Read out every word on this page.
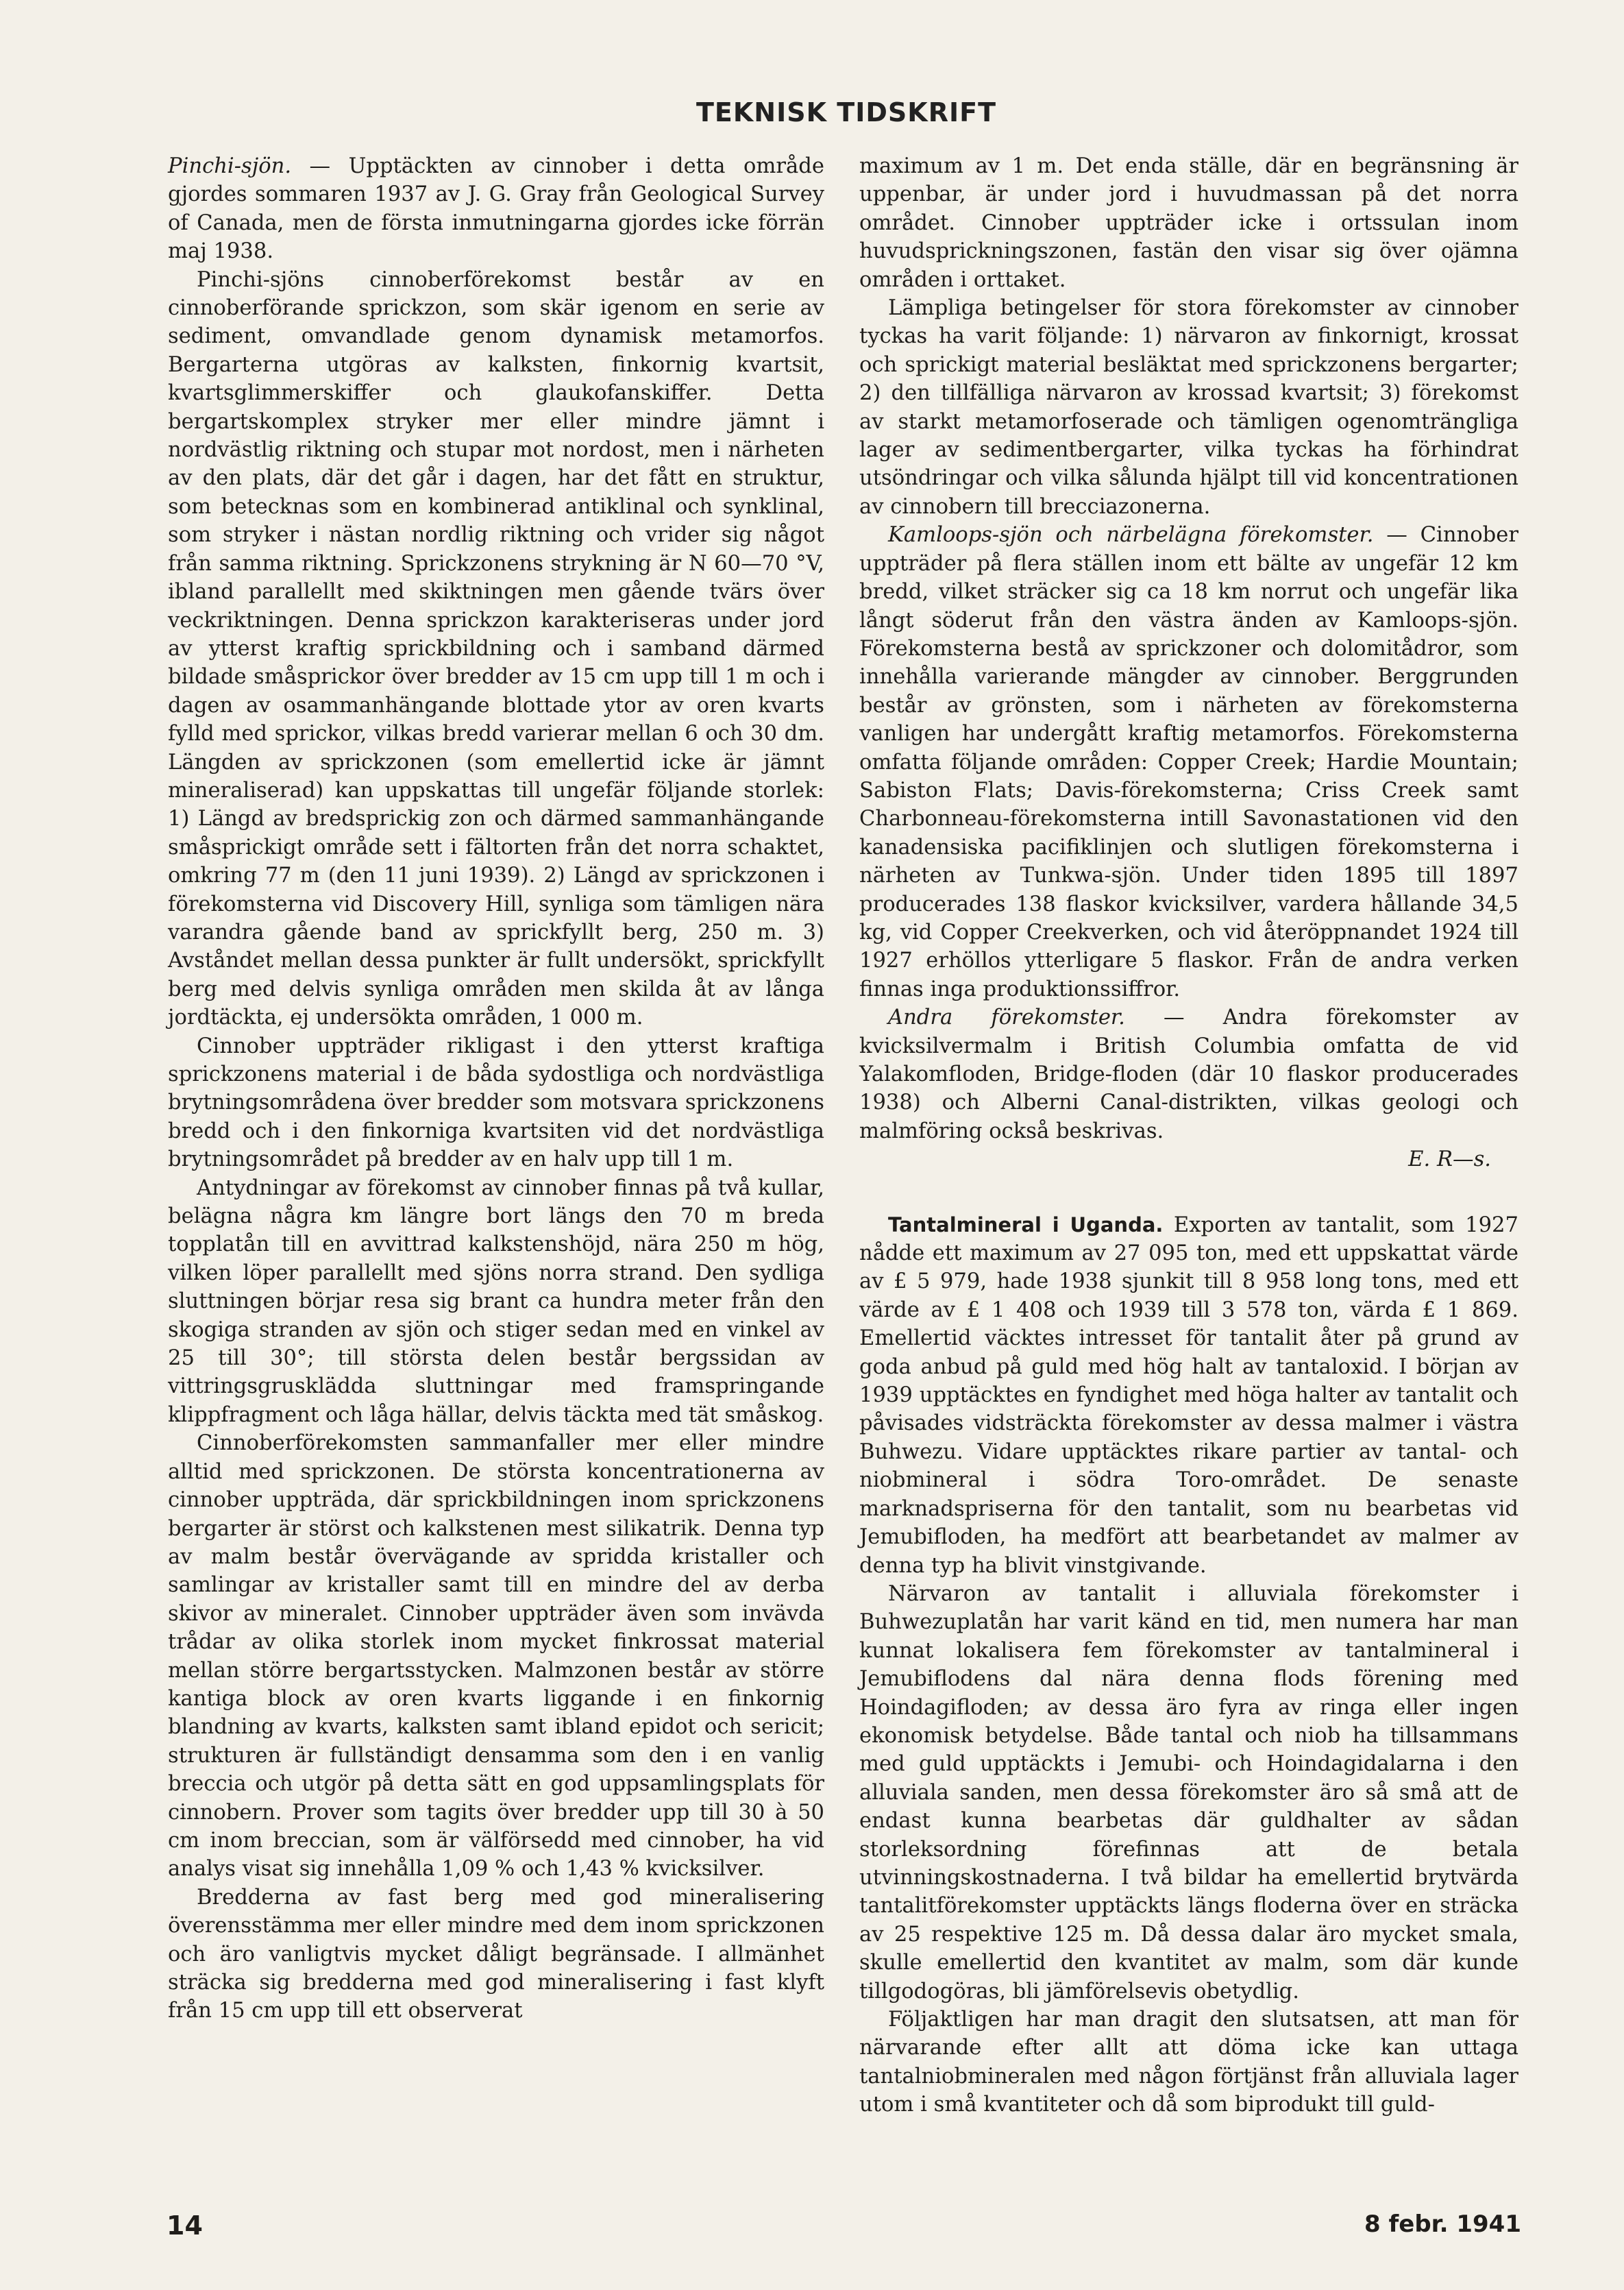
TEKNISK TIDSKRIFT

Pinchi-sjön. — Upptäckten av cinnober i detta område gjordes sommaren 1937 av J. G. Gray från Geological Survey of Canada, men de första inmutningarna gjordes icke förrän maj 1938.

Pinchi-sjöns cinnoberförekomst består av en cinnoberförande sprickzon, som skär igenom en serie av sediment, omvandlade genom dynamisk metamorfos. Bergarterna utgöras av kalksten, finkornig kvartsit, kvartsglimmerskiffer och glaukofanskiffer. Detta bergartskomplex stryker mer eller mindre jämnt i nordvästlig riktning och stupar mot nordost, men i närheten av den plats, där det går i dagen, har det fått en struktur, som betecknas som en kombinerad antiklinal och synklinal, som stryker i nästan nordlig riktning och vrider sig något från samma riktning. Sprickzonens strykning är N 60—70 °V, ibland parallellt med skiktningen men gående tvärs över veckriktningen. Denna sprickzon karakteriseras under jord av ytterst kraftig sprickbildning och i samband därmed bildade småsprickor över bredder av 15 cm upp till 1 m och i dagen av osammanhängande blottade ytor av oren kvarts fylld med sprickor, vilkas bredd varierar mellan 6 och 30 dm. Längden av sprickzonen (som emellertid icke är jämnt mineraliserad) kan uppskattas till ungefär följande storlek: 1) Längd av bredsprickig zon och därmed sammanhängande småsprickigt område sett i fältorten från det norra schaktet, omkring 77 m (den 11 juni 1939). 2) Längd av sprickzonen i förekomsterna vid Discovery Hill, synliga som tämligen nära varandra gående band av sprickfyllt berg, 250 m. 3) Avståndet mellan dessa punkter är fullt undersökt, sprickfyllt berg med delvis synliga områden men skilda åt av långa jordtäckta, ej undersökta områden, 1 000 m.

Cinnober uppträder rikligast i den ytterst kraftiga sprickzonens material i de båda sydostliga och nordvästliga brytningsområdena över bredder som motsvara sprickzonens bredd och i den finkorniga kvartsiten vid det nordvästliga brytningsområdet på bredder av en halv upp till 1 m.

Antydningar av förekomst av cinnober finnas på två kullar, belägna några km längre bort längs den 70 m breda topplatån till en avvittrad kalkstenshöjd, nära 250 m hög, vilken löper parallellt med sjöns norra strand. Den sydliga sluttningen börjar resa sig brant ca hundra meter från den skogiga stranden av sjön och stiger sedan med en vinkel av 25 till 30°; till största delen består bergssidan av vittringsgrusklädda sluttningar med framspringande klippfragment och låga hällar, delvis täckta med tät småskog.

Cinnoberförekomsten sammanfaller mer eller mindre alltid med sprickzonen. De största koncentrationerna av cinnober uppträda, där sprickbildningen inom sprickzonens bergarter är störst och kalkstenen mest silikatrik. Denna typ av malm består övervägande av spridda kristaller och samlingar av kristaller samt till en mindre del av derba skivor av mineralet. Cinnober uppträder även som invävda trådar av olika storlek inom mycket finkrossat material mellan större bergartsstycken. Malmzonen består av större kantiga block av oren kvarts liggande i en finkornig blandning av kvarts, kalksten samt ibland epidot och sericit; strukturen är fullständigt densamma som den i en vanlig breccia och utgör på detta sätt en god uppsamlingsplats för cinnobern. Prover som tagits över bredder upp till 30 à 50 cm inom breccian, som är välförsedd med cinnober, ha vid analys visat sig innehålla 1,09 % och 1,43 % kvicksilver.

Bredderna av fast berg med god mineralisering överensstämma mer eller mindre med dem inom sprickzonen och äro vanligtvis mycket dåligt begränsade. I allmänhet sträcka sig bredderna med god mineralisering i fast klyft från 15 cm upp till ett observerat

maximum av 1 m. Det enda ställe, där en begränsning är uppenbar, är under jord i huvudmassan på det norra området. Cinnober uppträder icke i ortssulan inom huvudsprickningszonen, fastän den visar sig över ojämna områden i orttaket.

Lämpliga betingelser för stora förekomster av cinnober tyckas ha varit följande: 1) närvaron av finkornigt, krossat och sprickigt material besläktat med sprickzonens bergarter; 2) den tillfälliga närvaron av krossad kvartsit; 3) förekomst av starkt metamorfoserade och tämligen ogenomträngliga lager av sedimentbergarter, vilka tyckas ha förhindrat utsöndringar och vilka sålunda hjälpt till vid koncentrationen av cinnobern till brecciazonerna.

Kamloops-sjön och närbelägna förekomster. — Cinnober uppträder på flera ställen inom ett bälte av ungefär 12 km bredd, vilket sträcker sig ca 18 km norrut och ungefär lika långt söderut från den västra änden av Kamloops-sjön. Förekomsterna bestå av sprickzoner och dolomitådror, som innehålla varierande mängder av cinnober. Berggrunden består av grönsten, som i närheten av förekomsterna vanligen har undergått kraftig metamorfos. Förekomsterna omfatta följande områden: Copper Creek; Hardie Mountain; Sabiston Flats; Davis-förekomsterna; Criss Creek samt Charbonneau-förekomsterna intill Savonastationen vid den kanadensiska pacifiklinjen och slutligen förekomsterna i närheten av Tunkwa-sjön. Under tiden 1895 till 1897 producerades 138 flaskor kvicksilver, vardera hållande 34,5 kg, vid Copper Creekverken, och vid återöppnandet 1924 till 1927 erhöllos ytterligare 5 flaskor. Från de andra verken finnas inga produktionssiffror.

Andra förekomster. — Andra förekomster av kvicksilvermalm i British Columbia omfatta de vid Yalakomfloden, Bridge-floden (där 10 flaskor producerades 1938) och Alberni Canal-distrikten, vilkas geologi och malmföring också beskrivas.

E. R—s.

Tantalmineral i Uganda. Exporten av tantalit, som 1927 nådde ett maximum av 27 095 ton, med ett uppskattat värde av £ 5 979, hade 1938 sjunkit till 8 958 long tons, med ett värde av £ 1 408 och 1939 till 3 578 ton, värda £ 1 869. Emellertid väcktes intresset för tantalit åter på grund av goda anbud på guld med hög halt av tantaloxid. I början av 1939 upptäcktes en fyndighet med höga halter av tantalit och påvisades vidsträckta förekomster av dessa malmer i västra Buhwezu. Vidare upptäcktes rikare partier av tantal- och niobmineral i södra Toro-området. De senaste marknadspriserna för den tantalit, som nu bearbetas vid Jemubifloden, ha medfört att bearbetandet av malmer av denna typ ha blivit vinstgivande.

Närvaron av tantalit i alluviala förekomster i Buhwezuplatån har varit känd en tid, men numera har man kunnat lokalisera fem förekomster av tantalmineral i Jemubiflodens dal nära denna flods förening med Hoindagifloden; av dessa äro fyra av ringa eller ingen ekonomisk betydelse. Både tantal och niob ha tillsammans med guld upptäckts i Jemubi- och Hoindagidalarna i den alluviala sanden, men dessa förekomster äro så små att de endast kunna bearbetas där guldhalter av sådan storleksordning förefinnas att de betala utvinningskostnaderna. I två bildar ha emellertid brytvärda tantalitförekomster upptäckts längs floderna över en sträcka av 25 respektive 125 m. Då dessa dalar äro mycket smala, skulle emellertid den kvantitet av malm, som där kunde tillgodogöras, bli jämförelsevis obetydlig.

Följaktligen har man dragit den slutsatsen, att man för närvarande efter allt att döma icke kan uttaga tantalniobmineralen med någon förtjänst från alluviala lager utom i små kvantiteter och då som biprodukt till guld-

14	8 febr. 1941
